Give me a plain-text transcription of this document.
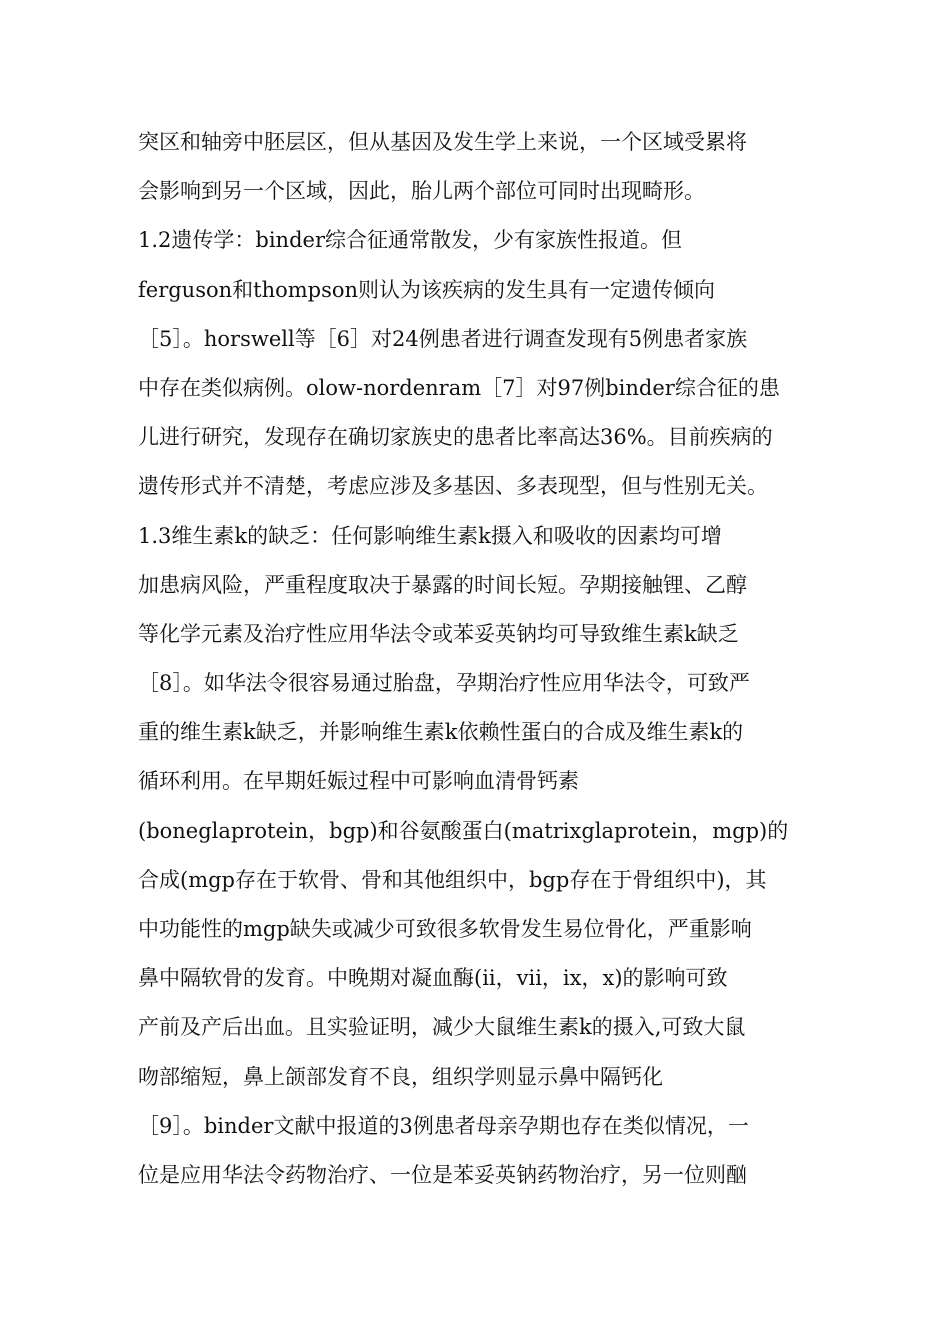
突区和轴旁中胚层区，但从基因及发生学上来说，一个区域受累将
会影响到另一个区域，因此，胎儿两个部位可同时出现畸形。
1.2遗传学：binder综合征通常散发，少有家族性报道。但
ferguson和thompson则认为该疾病的发生具有一定遗传倾向
［5］。horswell等［6］对24例患者进行调查发现有5例患者家族
中存在类似病例。olow-nordenram［7］对97例binder综合征的患
儿进行研究，发现存在确切家族史的患者比率高达36%。目前疾病的
遗传形式并不清楚，考虑应涉及多基因、多表现型，但与性别无关。
1.3维生素k的缺乏：任何影响维生素k摄入和吸收的因素均可增
加患病风险，严重程度取决于暴露的时间长短。孕期接触锂、乙醇
等化学元素及治疗性应用华法令或苯妥英钠均可导致维生素k缺乏
［8］。如华法令很容易通过胎盘，孕期治疗性应用华法令，可致严
重的维生素k缺乏，并影响维生素k依赖性蛋白的合成及维生素k的
循环利用。在早期妊娠过程中可影响血清骨钙素
(boneglaprotein，bgp)和谷氨酸蛋白(matrixglaprotein，mgp)的
合成(mgp存在于软骨、骨和其他组织中，bgp存在于骨组织中)，其
中功能性的mgp缺失或减少可致很多软骨发生易位骨化，严重影响
鼻中隔软骨的发育。中晚期对凝血酶(ii，vii，ix，x)的影响可致
产前及产后出血。且实验证明，减少大鼠维生素k的摄入,可致大鼠
吻部缩短，鼻上颌部发育不良，组织学则显示鼻中隔钙化
［9］。binder文献中报道的3例患者母亲孕期也存在类似情况，一
位是应用华法令药物治疗、一位是苯妥英钠药物治疗，另一位则酗
